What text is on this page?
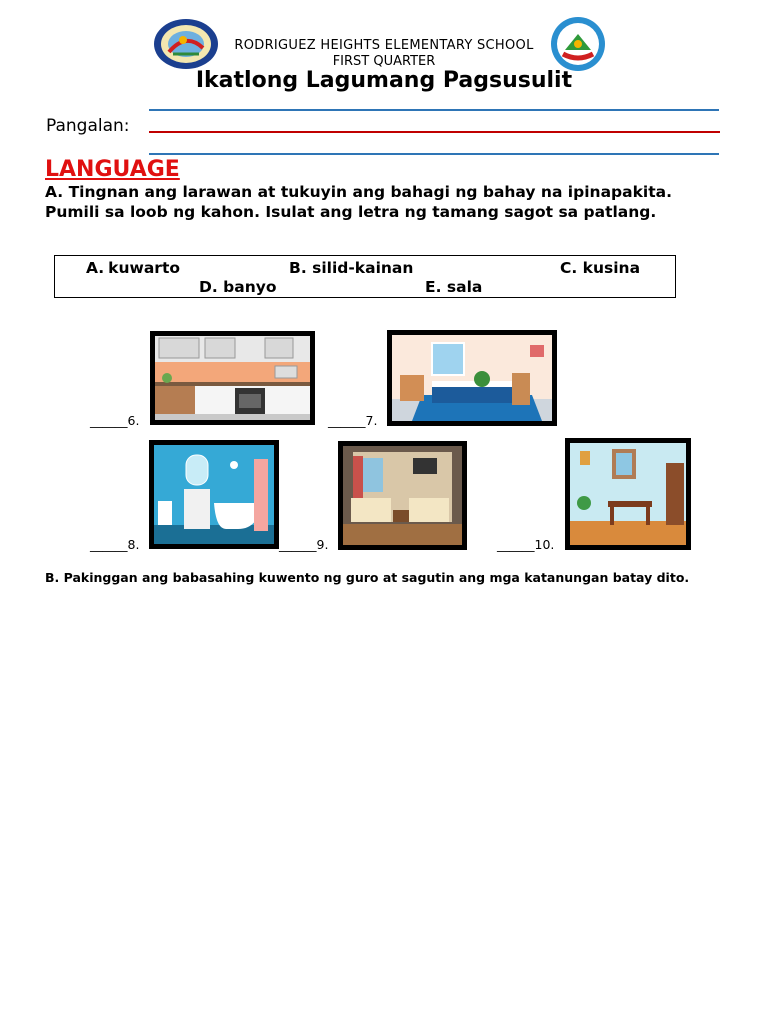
RODRIGUEZ HEIGHTS ELEMENTARY SCHOOL
FIRST QUARTER
Ikatlong Lagumang Pagsusulit
Pangalan:
LANGUAGE
A. Tingnan ang larawan at tukuyin ang bahagi ng bahay na ipinapakita. Pumili sa loob ng kahon. Isulat ang letra ng tamang sagot sa patlang.
A. kuwarto	B. silid-kainan	C. kusina
D. banyo	E. sala
______6.	______7.
______8.	______9.	______10.
B. Pakinggan ang babasahing kuwento ng guro at sagutin ang mga katanungan batay dito.
